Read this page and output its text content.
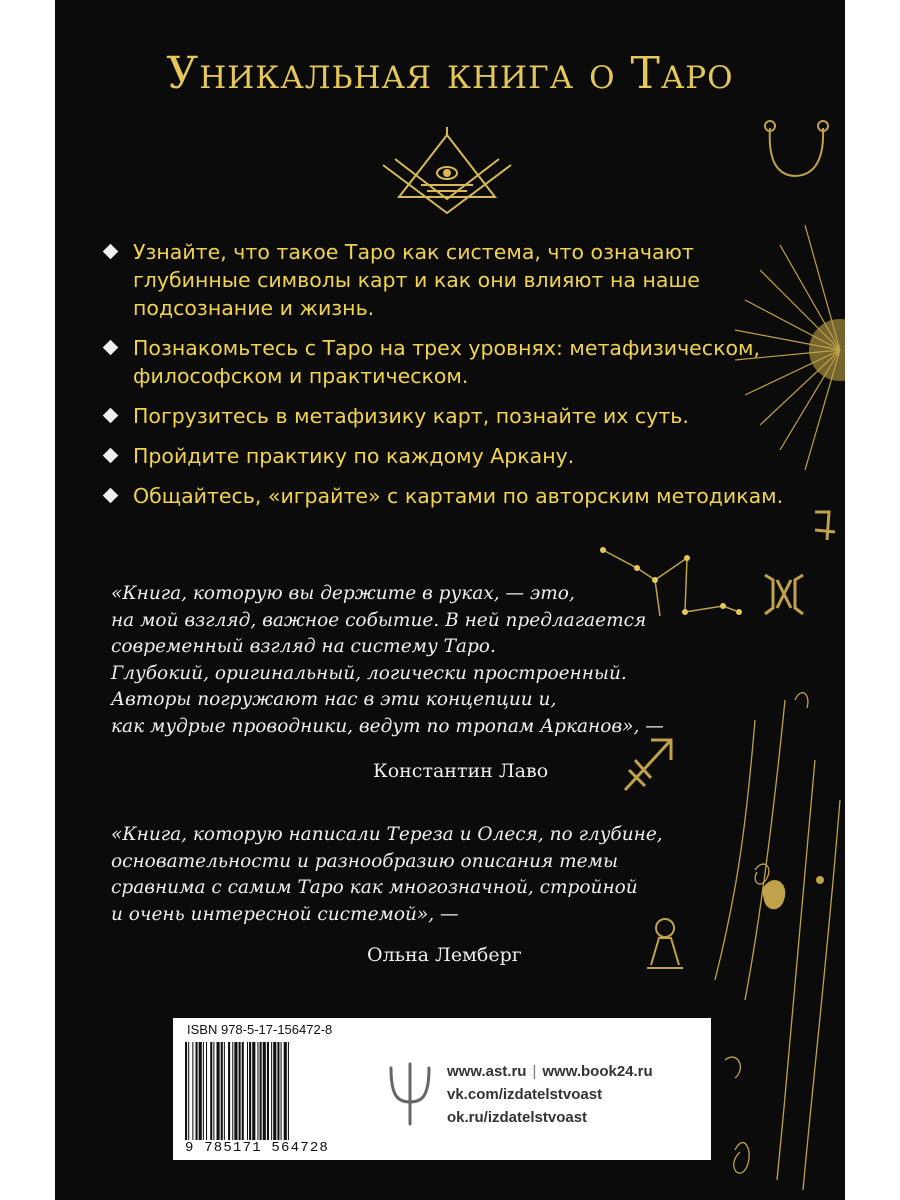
Уникальная книга о Таро
Узнайте, что такое Таро как система, что означают глубинные символы карт и как они влияют на наше подсознание и жизнь.
Познакомьтесь с Таро на трех уровнях: метафизическом, философском и практическом.
Погрузитесь в метафизику карт, познайте их суть.
Пройдите практику по каждому Аркану.
Общайтесь, «играйте» с картами по авторским методикам.
«Книга, которую вы держите в руках, — это,
на мой взгляд, важное событие. В ней предлагается
современный взгляд на систему Таро.
Глубокий, оригинальный, логически простроенный.
Авторы погружают нас в эти концепции и,
как мудрые проводники, ведут по тропам Арканов», —
Константин Лаво
«Книга, которую написали Тереза и Олеся, по глубине,
основательности и разнообразию описания темы
сравнима с самим Таро как многозначной, стройной
и очень интересной системой», —
Ольна Лемберг
ISBN 978-5-17-156472-8
9 785171 564728
www.ast.ru | www.book24.ru
vk.com/izdatelstvoast
ok.ru/izdatelstvoast
